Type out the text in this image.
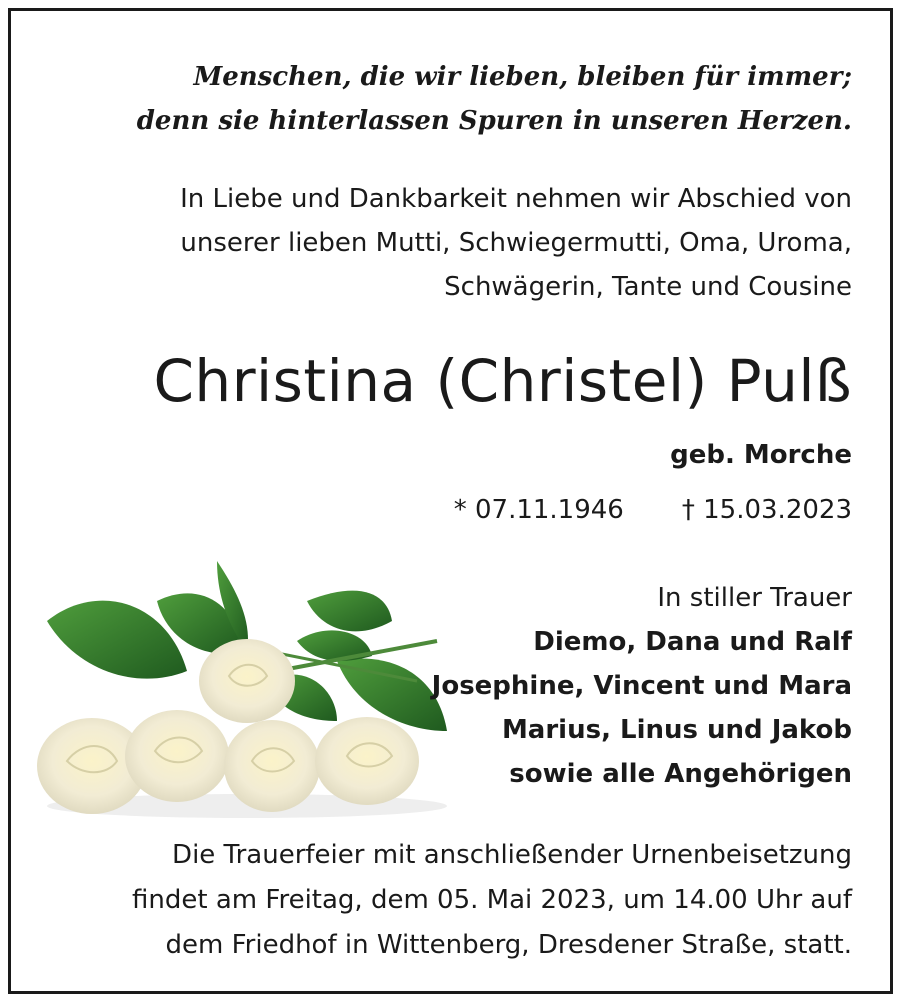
Menschen, die wir lieben, bleiben für immer;
denn sie hinterlassen Spuren in unseren Herzen.
In Liebe und Dankbarkeit nehmen wir Abschied von
unserer lieben Mutti, Schwiegermutti, Oma, Uroma,
Schwägerin, Tante und Cousine
Christina (Christel) Pulß
geb. Morche
* 07.11.1946 † 15.03.2023
In stiller Trauer
Diemo, Dana und Ralf
Josephine, Vincent und Mara
Marius, Linus und Jakob
sowie alle Angehörigen
Die Trauerfeier mit anschließender Urnenbeisetzung
findet am Freitag, dem 05. Mai 2023, um 14.00 Uhr auf
dem Friedhof in Wittenberg, Dresdener Straße, statt.
